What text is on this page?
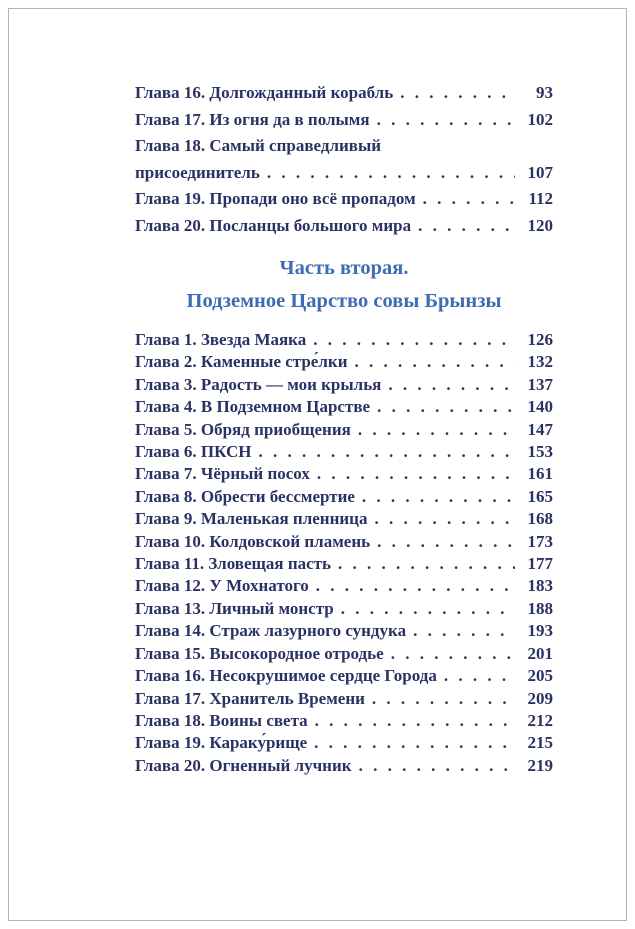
Глава 16. Долгожданный корабль . . .	93
Глава 17. Из огня да в полымя . . .	102
Глава 18. Самый справедливый
присоединитель . . .	107
Глава 19. Пропади оно всё пропадом . . .	112
Глава 20. Посланцы большого мира . . .	120
Часть вторая.
Подземное Царство совы Брынзы
Глава 1. Звезда Маяка . . .	126
Глава 2. Каменные стре́лки . . .	132
Глава 3. Радость — мои крылья . . .	137
Глава 4. В Подземном Царстве . . .	140
Глава 5. Обряд приобщения . . .	147
Глава 6. ПКСН . . .	153
Глава 7. Чёрный посох . . .	161
Глава 8. Обрести бессмертие . . .	165
Глава 9. Маленькая пленница . . .	168
Глава 10. Колдовской пламень . . .	173
Глава 11. Зловещая пасть . . .	177
Глава 12. У Мохнатого . . .	183
Глава 13. Личный монстр . . .	188
Глава 14. Страж лазурного сундука . . .	193
Глава 15. Высокородное отродье . . .	201
Глава 16. Несокрушимое сердце Города . . .	205
Глава 17. Хранитель Времени . . .	209
Глава 18. Воины света . . .	212
Глава 19. Караку́рище . . .	215
Глава 20. Огненный лучник . . .	219
